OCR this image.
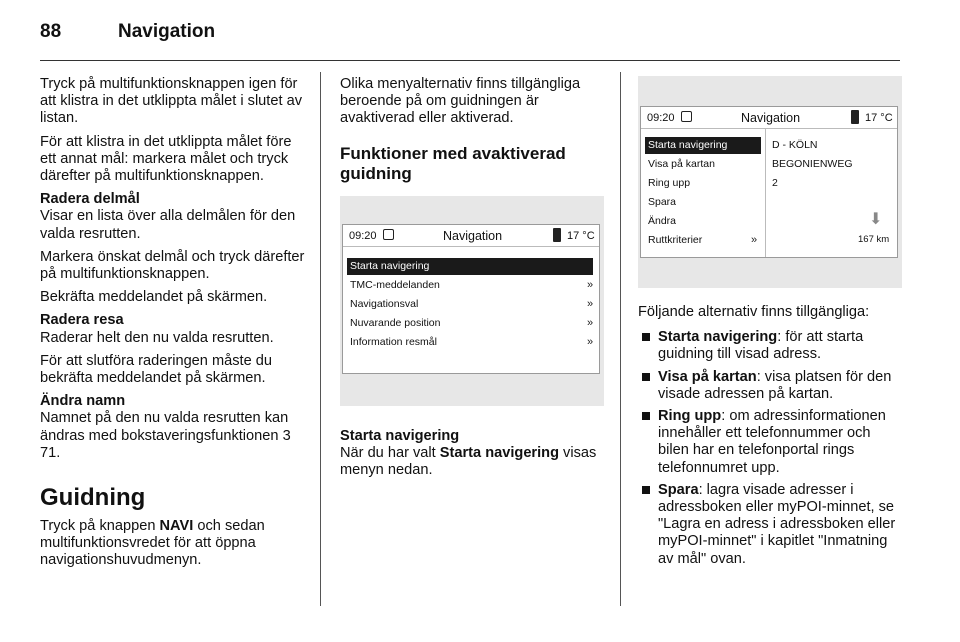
88	Navigation
Tryck på multifunktionsknappen igen för att klistra in det utklippta målet i slutet av listan.
För att klistra in det utklippta målet före ett annat mål: markera målet och tryck därefter på multifunktionsknappen.
Radera delmål
Visar en lista över alla delmålen för den valda resrutten.
Markera önskat delmål och tryck därefter på multifunktionsknappen.
Bekräfta meddelandet på skärmen.
Radera resa
Raderar helt den nu valda resrutten.
För att slutföra raderingen måste du bekräfta meddelandet på skärmen.
Ändra namn
Namnet på den nu valda resrutten kan ändras med bokstaveringsfunktionen 3 71.
Guidning
Tryck på knappen NAVI och sedan multifunktionsvredet för att öppna navigationshuvudmenyn.
Olika menyalternativ finns tillgängliga beroende på om guidningen är avaktiverad eller aktiverad.
Funktioner med avaktiverad guidning
09:20	Navigation	17 °C
Starta navigering
TMC-meddelanden	»
Navigationsval	»
Nuvarande position	»
Information resmål	»
Starta navigering
När du har valt Starta navigering visas menyn nedan.
09:20	Navigation	17 °C
Starta navigering
Visa på kartan
Ring upp
Spara
Ändra
Ruttkriterier	»
D - KÖLN
BEGONIENWEG
2
⬇
167 km
Följande alternativ finns tillgängliga:
Starta navigering: för att starta guidning till visad adress.
Visa på kartan: visa platsen för den visade adressen på kartan.
Ring upp: om adressinformationen innehåller ett telefonnummer och bilen har en telefonportal rings telefonnumret upp.
Spara: lagra visade adresser i adressboken eller myPOI-minnet, se "Lagra en adress i adressboken eller myPOI-minnet" i kapitlet "Inmatning av mål" ovan.
